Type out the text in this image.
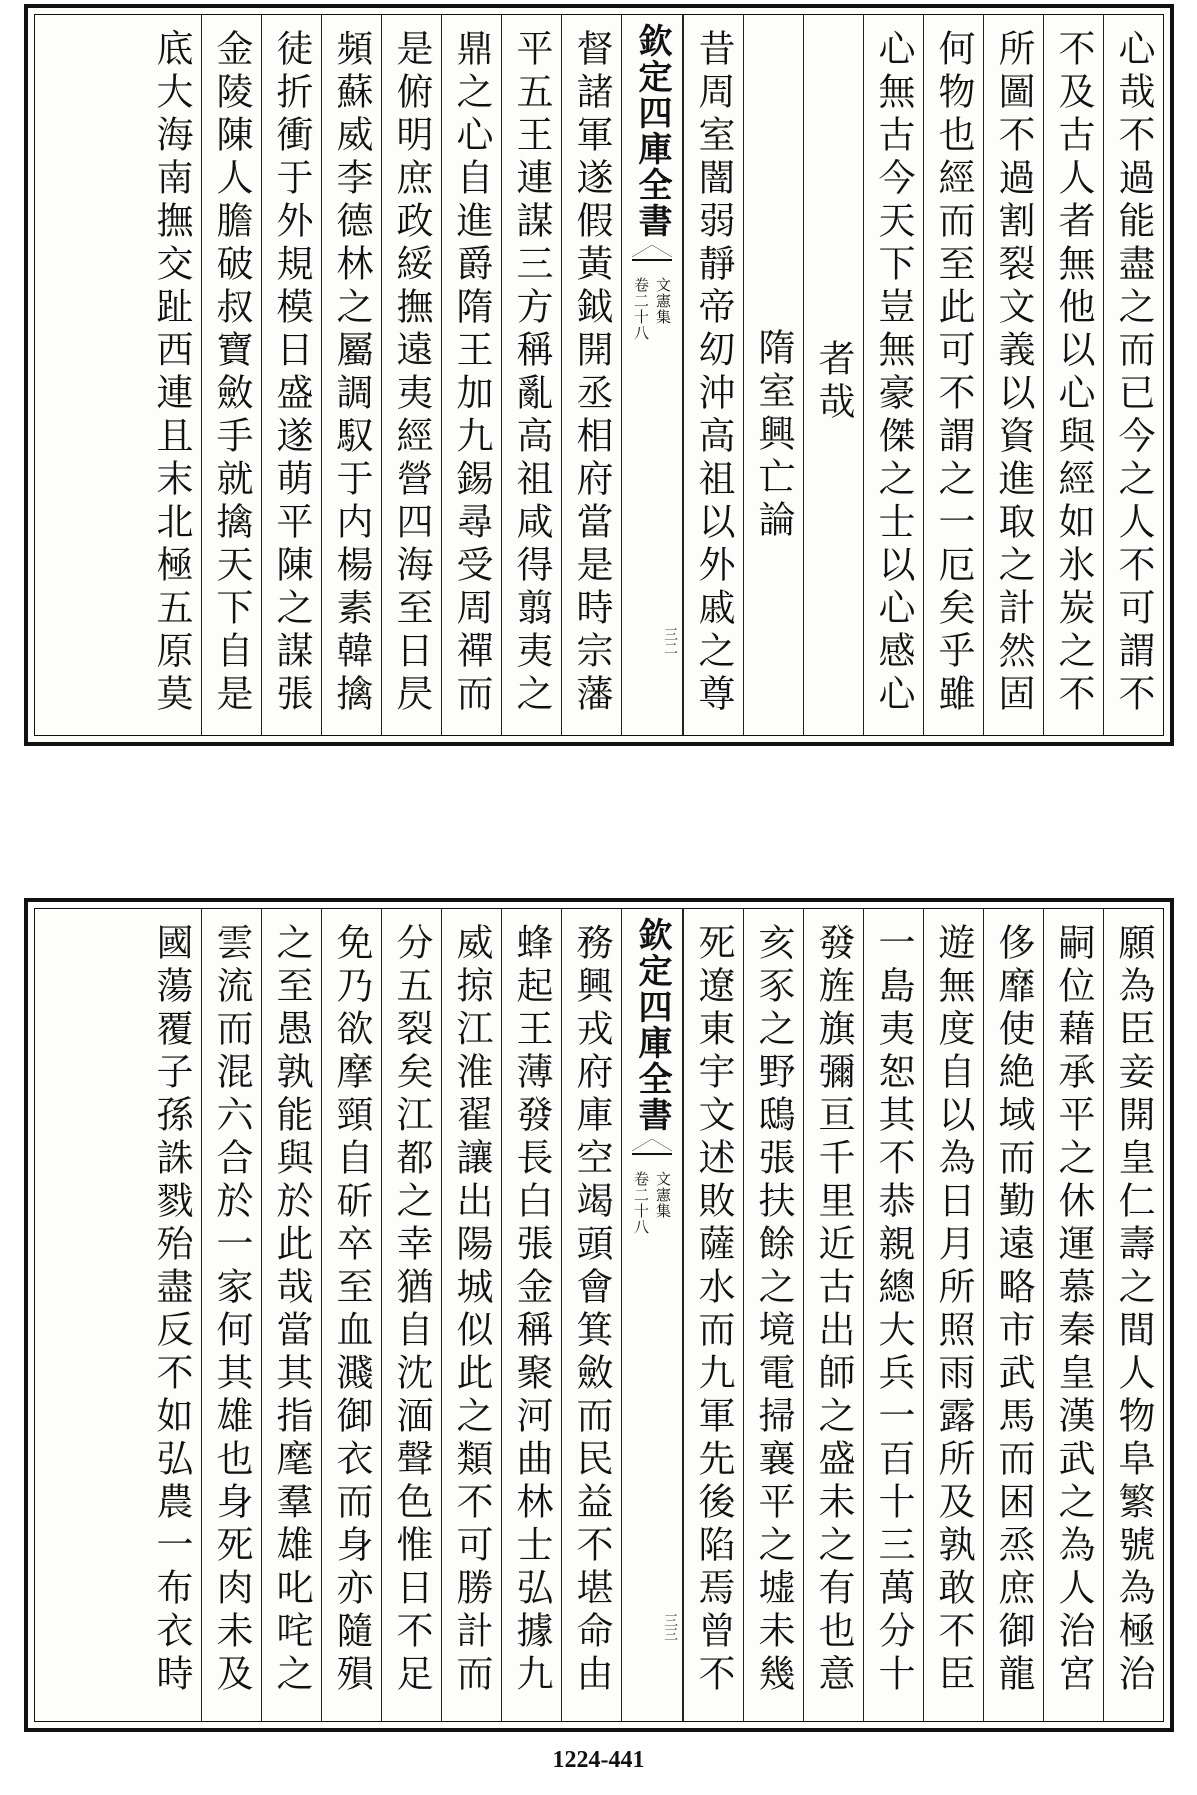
心哉不過能盡之而已今之人不可謂不
不及古人者無他以心與經如氷炭之不
所圖不過割裂文義以資進取之計然固
何物也經而至此可不謂之一厄矣乎雖
心無古今天下豈無豪傑之士以心感心
者哉
隋室興亡論
昔周室闇弱靜帝㓜沖高祖以外戚之尊
欽定四庫全書
文憲集
卷二十八
三二
督諸軍遂假黃鉞開丞相府當是時宗藩
平五王連謀三方稱亂高祖咸得翦夷之
鼎之心自進爵隋王加九錫尋受周禪而
是俯明庶政綏撫遠夷經營四海至日昃
頻蘇威李德林之屬調馭于内楊素韓擒
徒折衝于外規模日盛遂萌平陳之謀張
金陵陳人膽破叔寶斂手就擒天下自是
底大海南撫交趾西連且末北極五原莫
願為臣妾開皇仁壽之間人物阜繁號為極治
嗣位藉承平之休運慕秦皇漢武之為人治宮
侈靡使絶域而勤遠略市武馬而困烝庶御龍
遊無度自以為日月所照雨露所及孰敢不臣
一島夷恕其不恭親總大兵一百十三萬分十
發旌旗彌亘千里近古出師之盛未之有也意
亥豕之野鴟張扶餘之境電掃襄平之墟未幾
死遼東宇文述敗薩水而九軍先後陷焉曾不
欽定四庫全書
文憲集
卷二十八
三三
務興戎府庫空竭頭會箕斂而民益不堪命由
蜂起王薄發長白張金稱聚河曲林士弘據九
威掠江淮翟讓出陽城似此之類不可勝計而
分五裂矣江都之幸猶自沈湎聲色惟日不足
免乃欲摩頸自斫卒至血濺御衣而身亦隨殞
之至愚孰能與於此哉當其指麾羣雄叱咤之
雲流而混六合於一家何其雄也身死肉未及
國蕩覆子孫誅戮殆盡反不如弘農一布衣時
1224-441
